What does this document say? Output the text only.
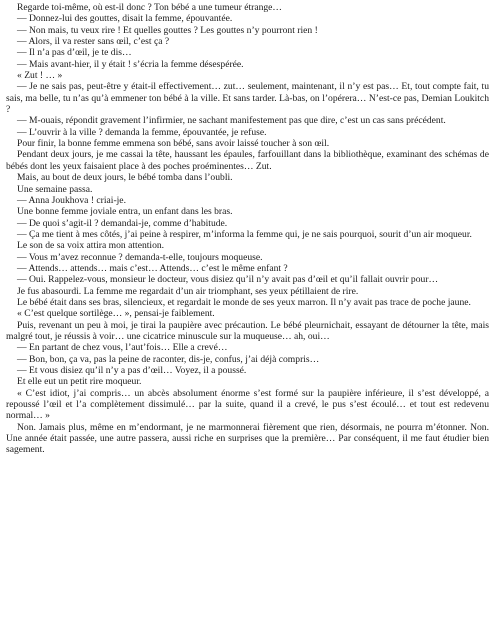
Regarde toi-même, où est-il donc ? Ton bébé a une tumeur étrange…

— Donnez-lui des gouttes, disait la femme, épouvantée.

— Non mais, tu veux rire ! Et quelles gouttes ? Les gouttes n’y pourront rien !

— Alors, il va rester sans œil, c’est ça ?

— Il n’a pas d’œil, je te dis…

— Mais avant-hier, il y était ! s’écria la femme désespérée.

« Zut ! … »

— Je ne sais pas, peut-être y était-il effectivement… zut… seulement, maintenant, il n’y est pas… Et, tout compte fait, tu sais, ma belle, tu n’as qu’à emmener ton bébé à la ville. Et sans tarder. Là-bas, on l’opérera… N’est-ce pas, Demian Loukitch ?

— M-ouais, répondit gravement l’infirmier, ne sachant manifestement pas que dire, c’est un cas sans précédent.

— L’ouvrir à la ville ? demanda la femme, épouvantée, je refuse.

Pour finir, la bonne femme emmena son bébé, sans avoir laissé toucher à son œil.

Pendant deux jours, je me cassai la tête, haussant les épaules, farfouillant dans la bibliothèque, examinant des schémas de bébés dont les yeux faisaient place à des poches proéminentes… Zut.

Mais, au bout de deux jours, le bébé tomba dans l’oubli.

Une semaine passa.

— Anna Joukhova ! criai-je.

Une bonne femme joviale entra, un enfant dans les bras.

— De quoi s’agit-il ? demandai-je, comme d’habitude.

— Ça me tient à mes côtés, j’ai peine à respirer, m’informa la femme qui, je ne sais pourquoi, sourit d’un air moqueur.

Le son de sa voix attira mon attention.

— Vous m’avez reconnue ? demanda-t-elle, toujours moqueuse.

— Attends… attends… mais c’est… Attends… c’est le même enfant ?

— Oui. Rappelez-vous, monsieur le docteur, vous disiez qu’il n’y avait pas d’œil et qu’il fallait ouvrir pour…

Je fus abasourdi. La femme me regardait d’un air triomphant, ses yeux pétillaient de rire.

Le bébé était dans ses bras, silencieux, et regardait le monde de ses yeux marron. Il n’y avait pas trace de poche jaune.

« C’est quelque sortilège… », pensai-je faiblement.

Puis, revenant un peu à moi, je tirai la paupière avec précaution. Le bébé pleurnichait, essayant de détourner la tête, mais malgré tout, je réussis à voir… une cicatrice minuscule sur la muqueuse… ah, oui…

— En partant de chez vous, l’aut’fois… Elle a crevé…

— Bon, bon, ça va, pas la peine de raconter, dis-je, confus, j’ai déjà compris…

— Et vous disiez qu’il n’y a pas d’œil… Voyez, il a poussé.

Et elle eut un petit rire moqueur.

« C’est idiot, j’ai compris… un abcès absolument énorme s’est formé sur la paupière inférieure, il s’est développé, a repoussé l’œil et l’a complètement dissimulé… par la suite, quand il a crevé, le pus s’est écoulé… et tout est redevenu normal… »

Non. Jamais plus, même en m’endormant, je ne marmonnerai fièrement que rien, désormais, ne pourra m’étonner. Non. Une année était passée, une autre passera, aussi riche en surprises que la première… Par conséquent, il me faut étudier bien sagement.
